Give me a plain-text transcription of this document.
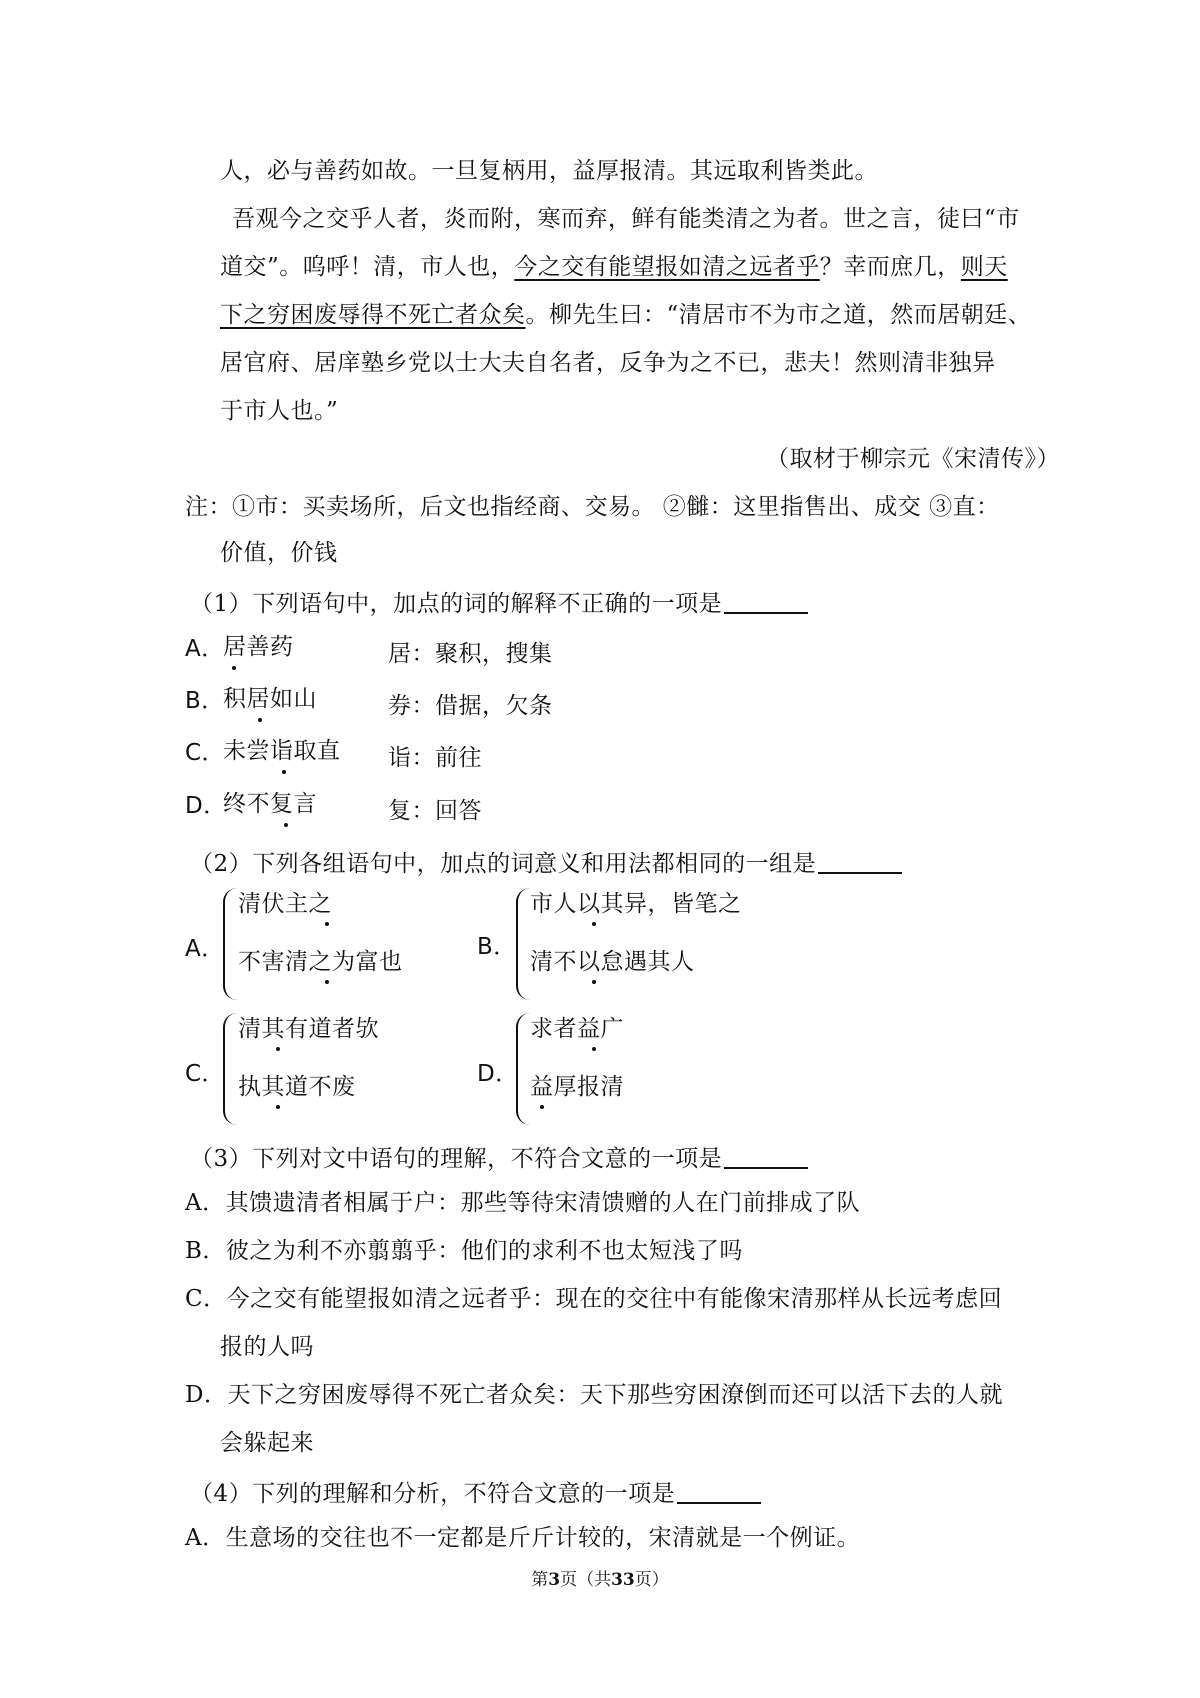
人，必与善药如故。一旦复柄用，益厚报清。其远取利皆类此。
吾观今之交乎人者，炎而附，寒而弃，鲜有能类清之为者。世之言，徒曰“市
道交”。呜呼！清，市人也，今之交有能望报如清之远者乎？幸而庶几，则天
下之穷困废辱得不死亡者众矣。柳先生曰：“清居市不为市之道，然而居朝廷、
居官府、居庠塾乡党以士大夫自名者，反争为之不已，悲夫！然则清非独异
于市人也。”
（取材于柳宗元《宋清传》）
注：①市：买卖场所，后文也指经商、交易。 ②雠：这里指售出、成交 ③直：
价值，价钱
（1）下列语句中，加点的词的解释不正确的一项是
A．
居善药	居：聚积，搜集
B．
积居如山	券：借据，欠条
C．
未尝诣取直 诣：前往
D．
终不复言	复：回答
（2）下列各组语句中，加点的词意义和用法都相同的一组是
A．
清伏主之
不害清之为富也
B．
市人以其异，皆笔之
清不以怠遇其人
C．
清其有道者欤
执其道不废	D．
求者益广
益厚报清
（3）下列对文中语句的理解，不符合文意的一项是
A．其馈遗清者相属于户：那些等待宋清馈赠的人在门前排成了队
B．彼之为利不亦翦翦乎：他们的求利不也太短浅了吗
C．今之交有能望报如清之远者乎：现在的交往中有能像宋清那样从长远考虑回
报的人吗
D．天下之穷困废辱得不死亡者众矣：天下那些穷困潦倒而还可以活下去的人就
会躲起来
（4）下列的理解和分析，不符合文意的一项是
A．生意场的交往也不一定都是斤斤计较的，宋清就是一个例证。
第3页（共33页）
